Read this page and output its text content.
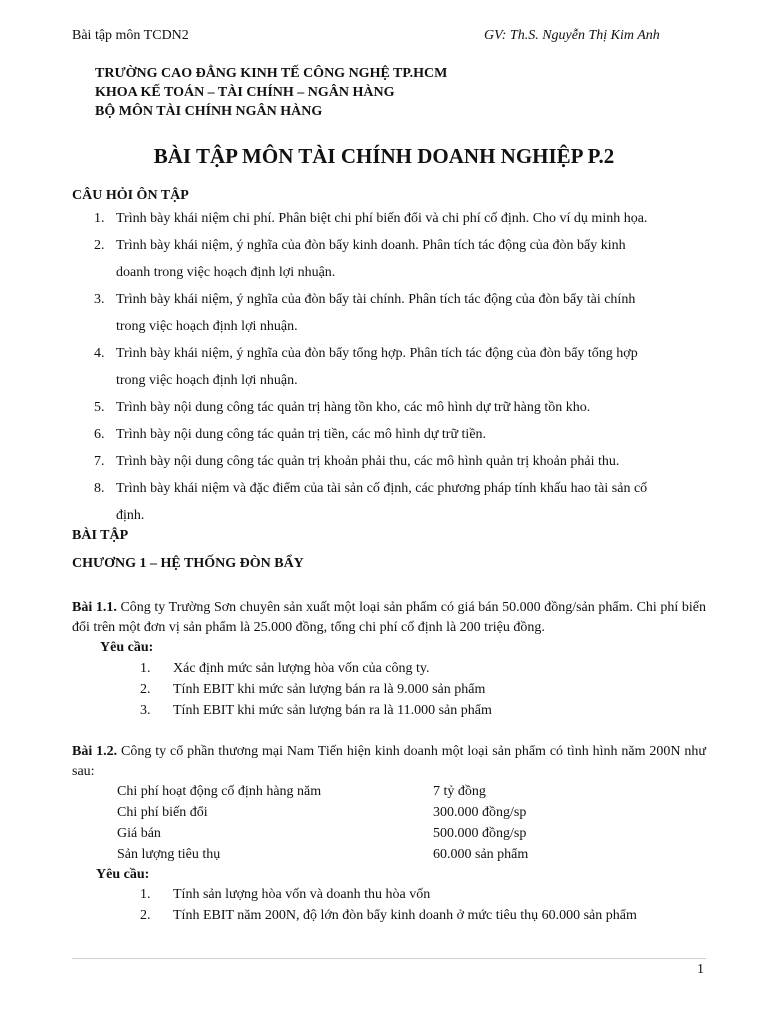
Bài tập môn TCDN2	GV: Th.S. Nguyễn Thị Kim Anh
TRƯỜNG CAO ĐẲNG KINH TẾ CÔNG NGHỆ TP.HCM
KHOA KẾ TOÁN – TÀI CHÍNH – NGÂN HÀNG
BỘ MÔN TÀI CHÍNH NGÂN HÀNG
BÀI TẬP MÔN TÀI CHÍNH DOANH NGHIỆP P.2
CÂU HỎI ÔN TẬP
1. Trình bày khái niệm chi phí. Phân biệt chi phí biến đổi và chi phí cố định. Cho ví dụ minh họa.
2. Trình bày khái niệm, ý nghĩa của đòn bẩy kinh doanh. Phân tích tác động của đòn bẩy kinh
doanh trong việc hoạch định lợi nhuận.
3. Trình bày khái niệm, ý nghĩa của đòn bẩy tài chính. Phân tích tác động của đòn bẩy tài chính
trong việc hoạch định lợi nhuận.
4. Trình bày khái niệm, ý nghĩa của đòn bẩy tổng hợp. Phân tích tác động của đòn bẩy tổng hợp
trong việc hoạch định lợi nhuận.
5. Trình bày nội dung công tác quản trị hàng tồn kho, các mô hình dự trữ hàng tồn kho.
6. Trình bày nội dung công tác quản trị tiền, các mô hình dự trữ tiền.
7. Trình bày nội dung công tác quản trị khoản phải thu, các mô hình quản trị khoản phải thu.
8. Trình bày khái niệm và đặc điểm của tài sản cố định, các phương pháp tính khấu hao tài sản cố
định.
BÀI TẬP
CHƯƠNG 1 – HỆ THỐNG ĐÒN BẨY
Bài 1.1. Công ty Trường Sơn chuyên sản xuất một loại sản phẩm có giá bán 50.000 đồng/sản phẩm. Chi phí biến đổi trên một đơn vị sản phẩm là 25.000 đồng, tổng chi phí cố định là 200 triệu đồng.
Yêu cầu:
1. Xác định mức sản lượng hòa vốn của công ty.
2. Tính EBIT khi mức sản lượng bán ra là 9.000 sản phẩm
3. Tính EBIT khi mức sản lượng bán ra là 11.000 sản phẩm
Bài 1.2. Công ty cổ phần thương mại Nam Tiến hiện kinh doanh một loại sản phẩm có tình hình năm 200N như sau:
Chi phí hoạt động cố định hàng năm	7 tỷ đồng
Chi phí biến đổi	300.000 đồng/sp
Giá bán	500.000 đồng/sp
Sản lượng tiêu thụ	60.000 sản phẩm
Yêu cầu:
1. Tính sản lượng hòa vốn và doanh thu hòa vốn
2. Tính EBIT năm 200N, độ lớn đòn bẩy kinh doanh ở mức tiêu thụ 60.000 sản phẩm
1
